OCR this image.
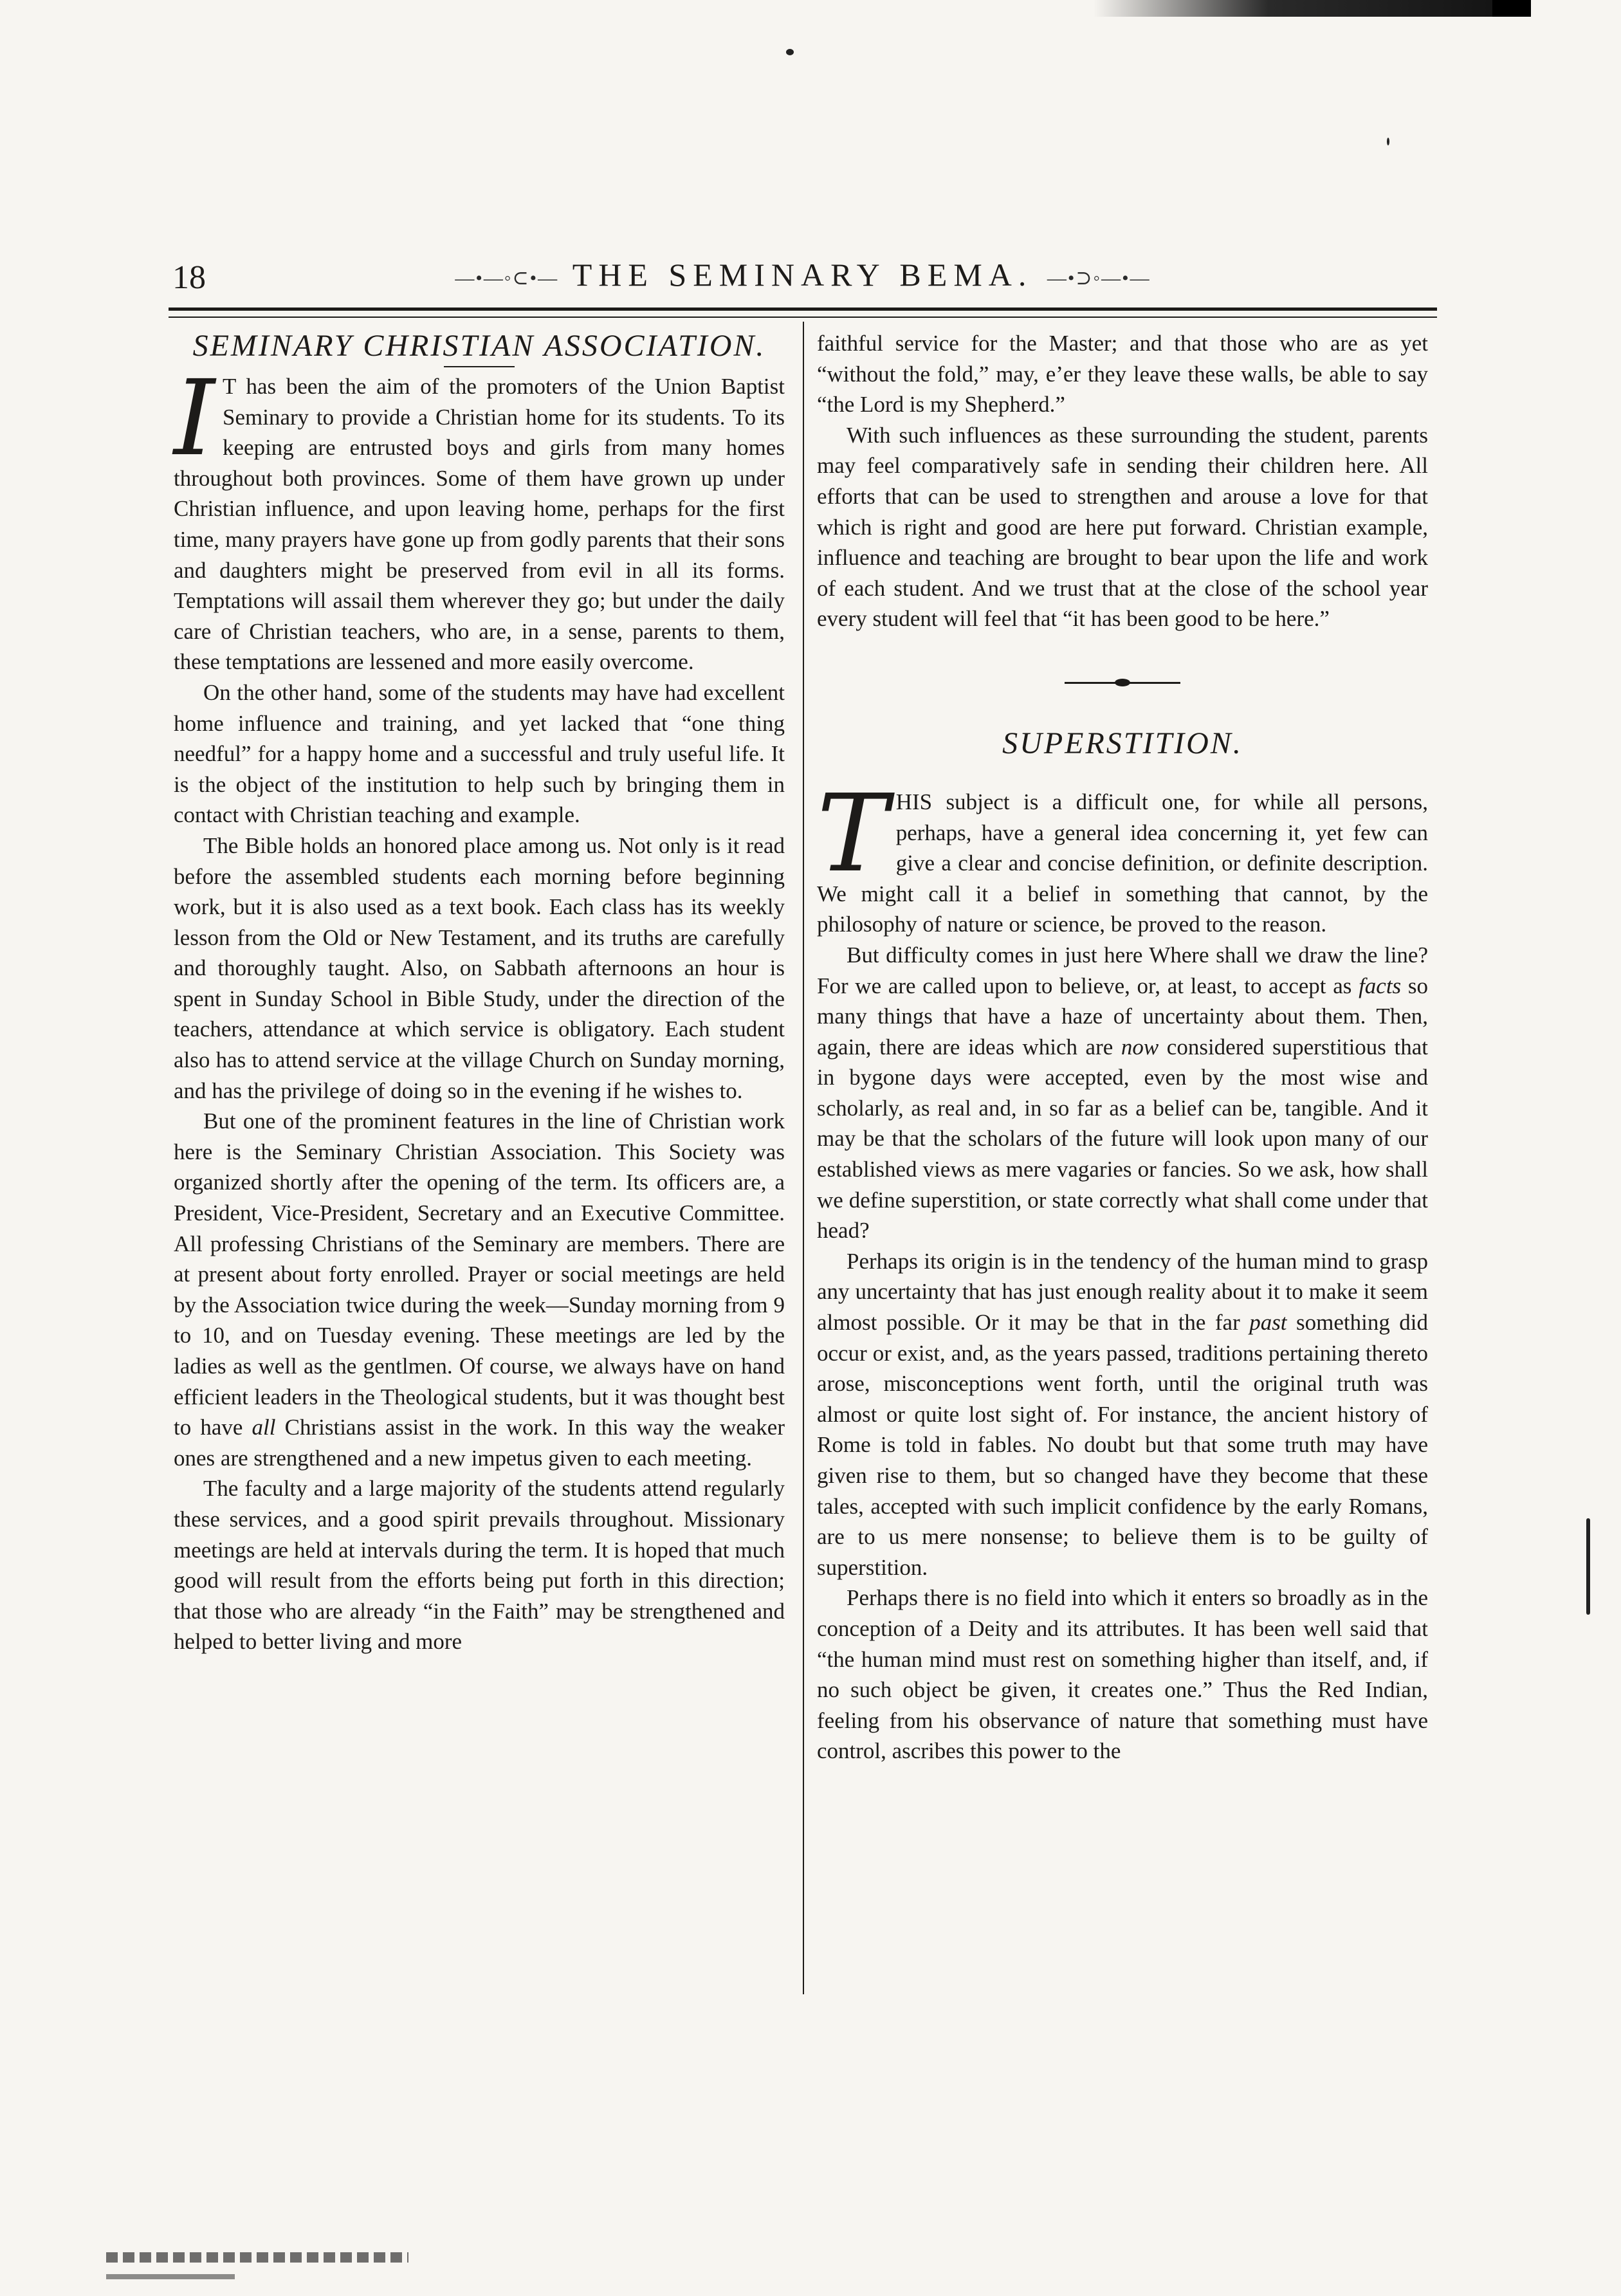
18	—•—◦⊂•— THE SEMINARY BEMA. —•⊃◦—•—
SEMINARY CHRISTIAN ASSOCIATION.

I T has been the aim of the promoters of the Union Baptist Seminary to provide a Christian home for its students. To its keeping are entrusted boys and girls from many homes throughout both provinces. Some of them have grown up under Christian influence, and upon leaving home, perhaps for the first time, many prayers have gone up from godly parents that their sons and daughters might be preserved from evil in all its forms. Temptations will assail them wherever they go; but under the daily care of Christian teachers, who are, in a sense, parents to them, these temptations are lessened and more easily overcome.

On the other hand, some of the students may have had excellent home influence and training, and yet lacked that “one thing needful” for a happy home and a successful and truly useful life. It is the object of the institution to help such by bringing them in contact with Christian teaching and example.

The Bible holds an honored place among us. Not only is it read before the assembled students each morning before beginning work, but it is also used as a text book. Each class has its weekly lesson from the Old or New Testament, and its truths are carefully and thoroughly taught. Also, on Sabbath afternoons an hour is spent in Sunday School in Bible Study, under the direction of the teachers, attendance at which service is obligatory. Each student also has to attend service at the village Church on Sunday morning, and has the privilege of doing so in the evening if he wishes to.

But one of the prominent features in the line of Christian work here is the Seminary Christian Association. This Society was organized shortly after the opening of the term. Its officers are, a President, Vice-President, Secretary and an Executive Committee. All professing Christians of the Seminary are members. There are at present about forty enrolled. Prayer or social meetings are held by the Association twice during the week—Sunday morning from 9 to 10, and on Tuesday evening. These meetings are led by the ladies as well as the gentlmen. Of course, we always have on hand efficient leaders in the Theological students, but it was thought best to have all Christians assist in the work. In this way the weaker ones are strengthened and a new impetus given to each meeting.

The faculty and a large majority of the students attend regularly these services, and a good spirit prevails throughout. Missionary meetings are held at intervals during the term. It is hoped that much good will result from the efforts being put forth in this direction; that those who are already “in the Faith” may be strengthened and helped to better living and more

faithful service for the Master; and that those who are as yet “without the fold,” may, e’er they leave these walls, be able to say “the Lord is my Shepherd.”

With such influences as these surrounding the student, parents may feel comparatively safe in sending their children here. All efforts that can be used to strengthen and arouse a love for that which is right and good are here put forward. Christian example, influence and teaching are brought to bear upon the life and work of each student. And we trust that at the close of the school year every student will feel that “it has been good to be here.”

SUPERSTITION.

THIS subject is a difficult one, for while all persons, perhaps, have a general idea concerning it, yet few can give a clear and concise definition, or definite description. We might call it a belief in something that cannot, by the philosophy of nature or science, be proved to the reason.

But difficulty comes in just here Where shall we draw the line? For we are called upon to believe, or, at least, to accept as facts so many things that have a haze of uncertainty about them. Then, again, there are ideas which are now considered superstitious that in bygone days were accepted, even by the most wise and scholarly, as real and, in so far as a belief can be, tangible. And it may be that the scholars of the future will look upon many of our established views as mere vagaries or fancies. So we ask, how shall we define superstition, or state correctly what shall come under that head?

Perhaps its origin is in the tendency of the human mind to grasp any uncertainty that has just enough reality about it to make it seem almost possible. Or it may be that in the far past something did occur or exist, and, as the years passed, traditions pertaining thereto arose, misconceptions went forth, until the original truth was almost or quite lost sight of. For instance, the ancient history of Rome is told in fables. No doubt but that some truth may have given rise to them, but so changed have they become that these tales, accepted with such implicit confidence by the early Romans, are to us mere nonsense; to believe them is to be guilty of superstition.

Perhaps there is no field into which it enters so broadly as in the conception of a Deity and its attributes. It has been well said that “the human mind must rest on something higher than itself, and, if no such object be given, it creates one.” Thus the Red Indian, feeling from his observance of nature that something must have control, ascribes this power to the
